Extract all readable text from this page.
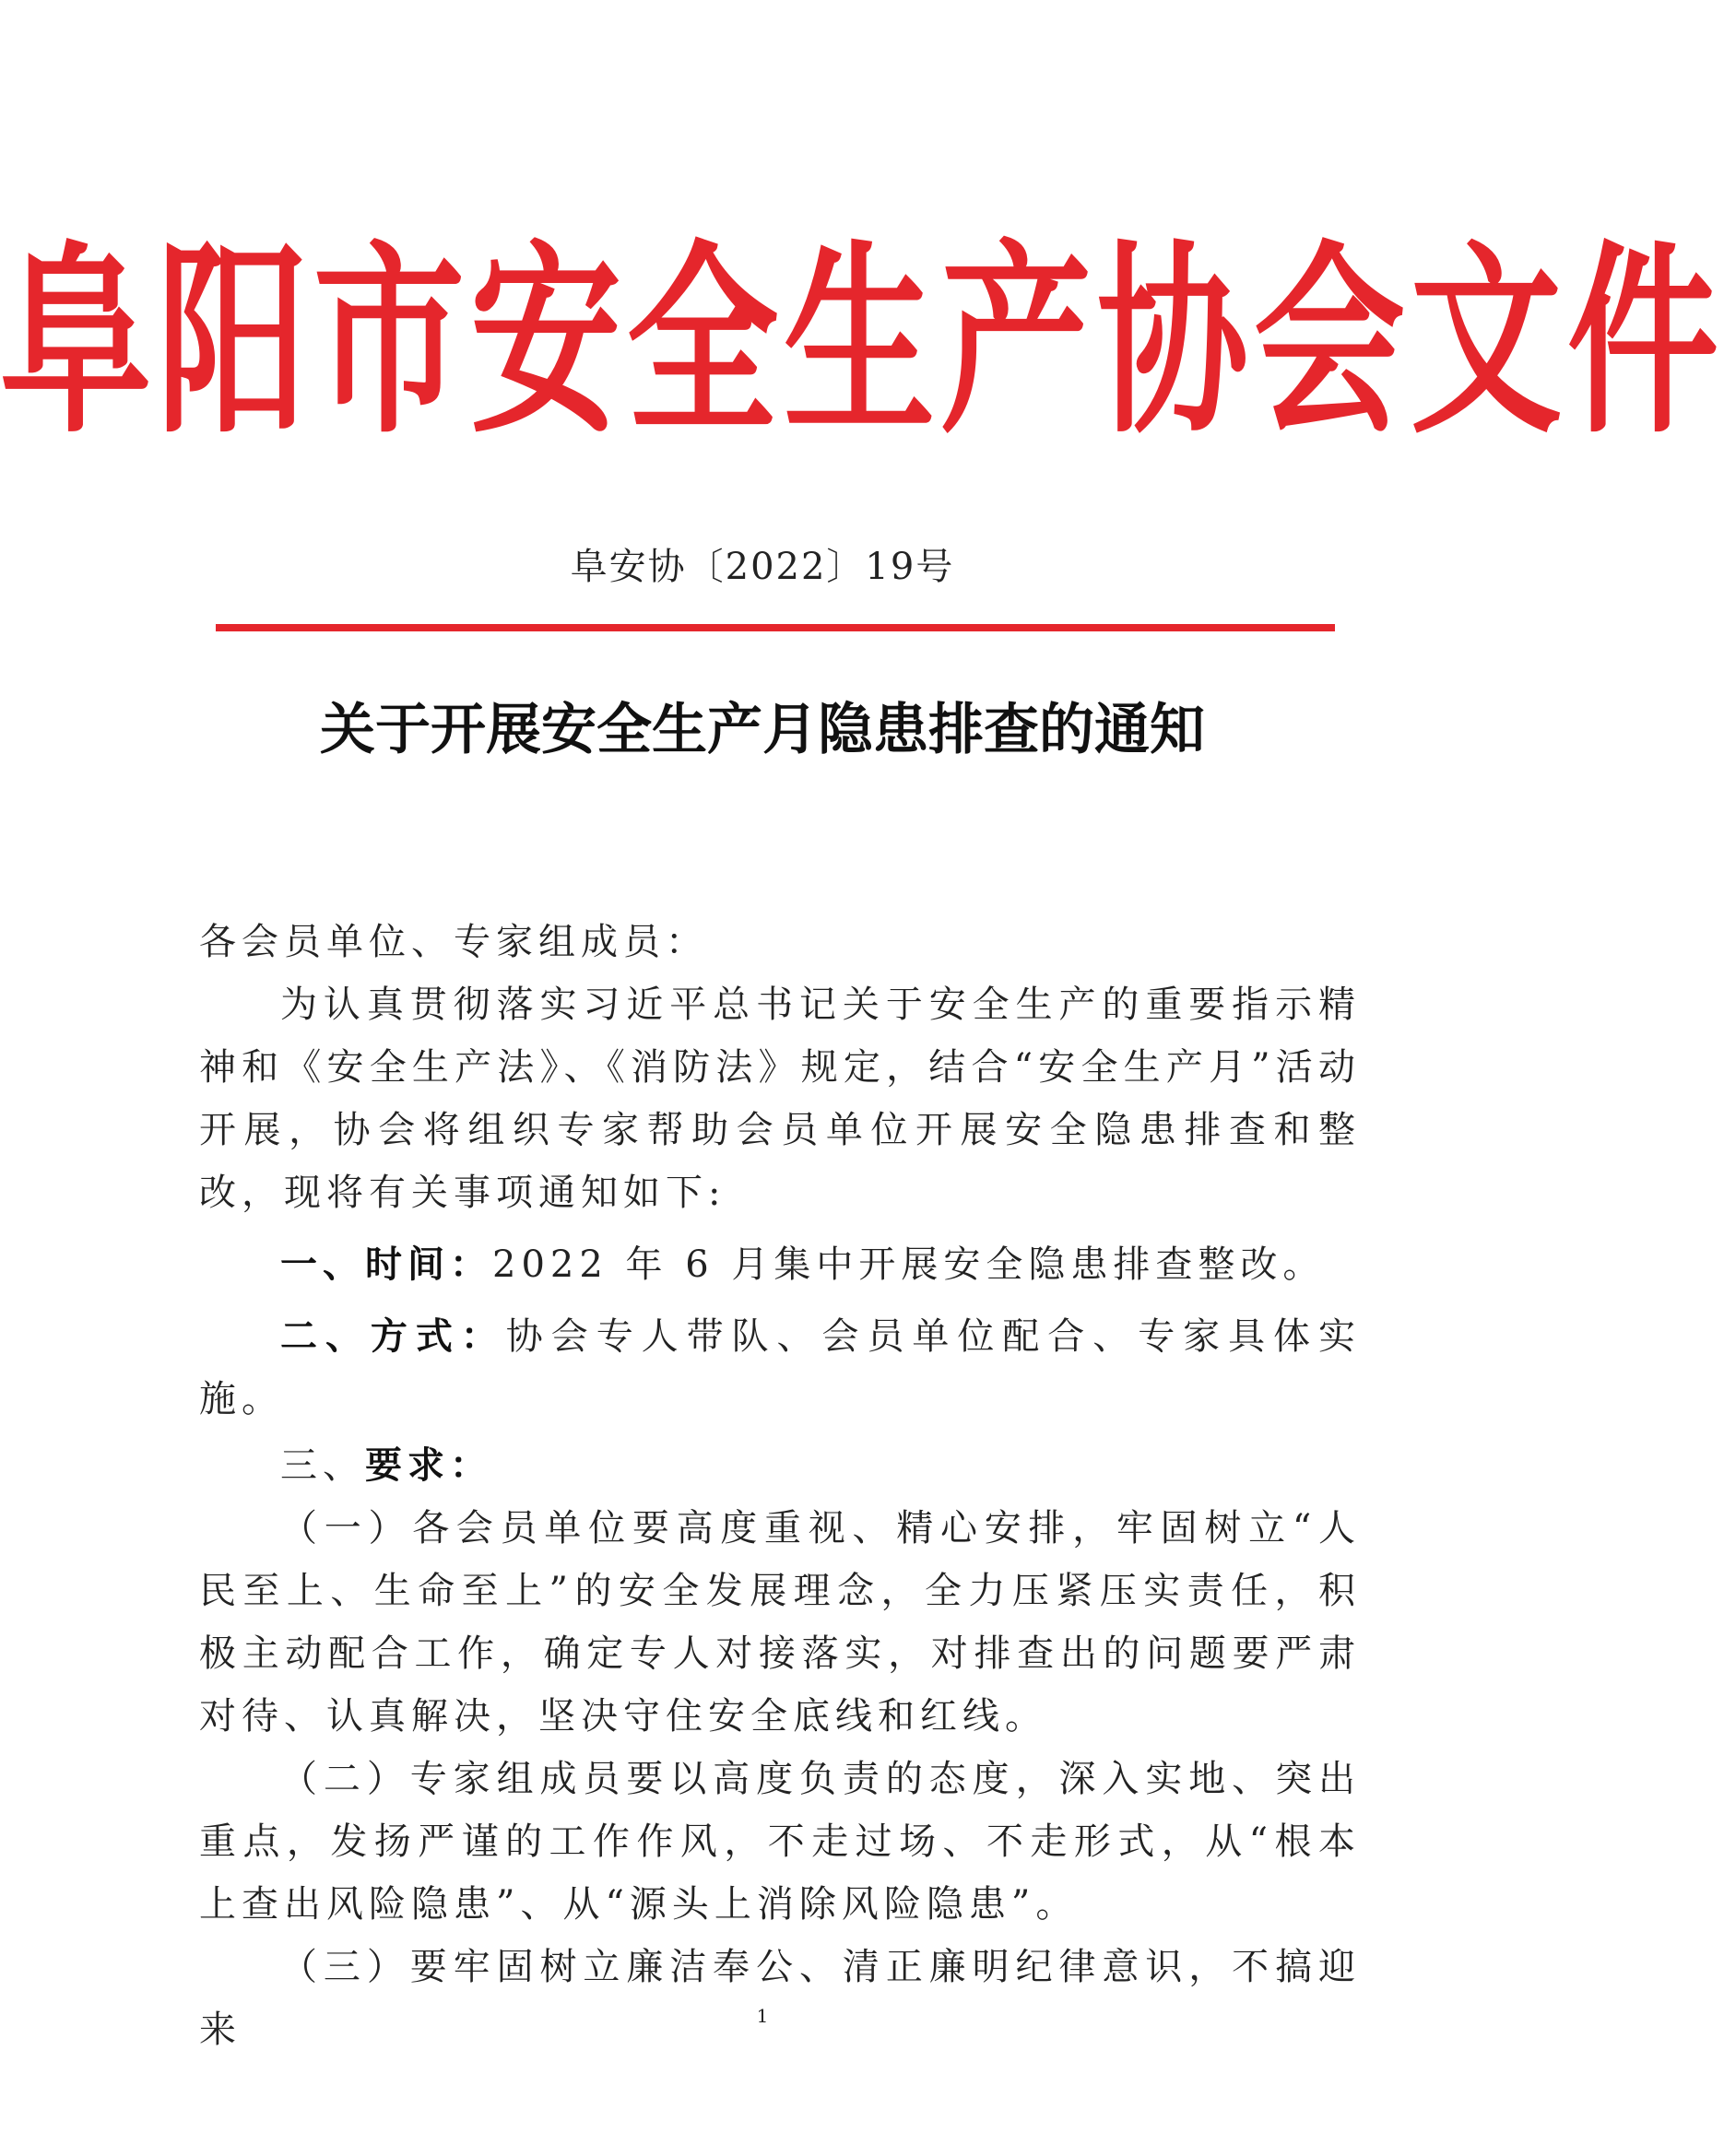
阜阳市安全生产协会文件
阜安协〔2022〕19号
关于开展安全生产月隐患排查的通知

各会员单位、专家组成员：

为认真贯彻落实习近平总书记关于安全生产的重要指示精神和《安全生产法》、《消防法》规定，结合“安全生产月”活动开展，协会将组织专家帮助会员单位开展安全隐患排查和整改，现将有关事项通知如下:

一、时间：2022 年 6 月集中开展安全隐患排查整改。

二、方式：协会专人带队、会员单位配合、专家具体实施。

三、要求：

（一）各会员单位要高度重视、精心安排，牢固树立“人民至上、生命至上”的安全发展理念，全力压紧压实责任，积极主动配合工作，确定专人对接落实，对排查出的问题要严肃对待、认真解决，坚决守住安全底线和红线。

（二）专家组成员要以高度负责的态度，深入实地、突出重点，发扬严谨的工作作风，不走过场、不走形式，从“根本上查出风险隐患”、从“源头上消除风险隐患”。

（三）要牢固树立廉洁奉公、清正廉明纪律意识，不搞迎来	1
